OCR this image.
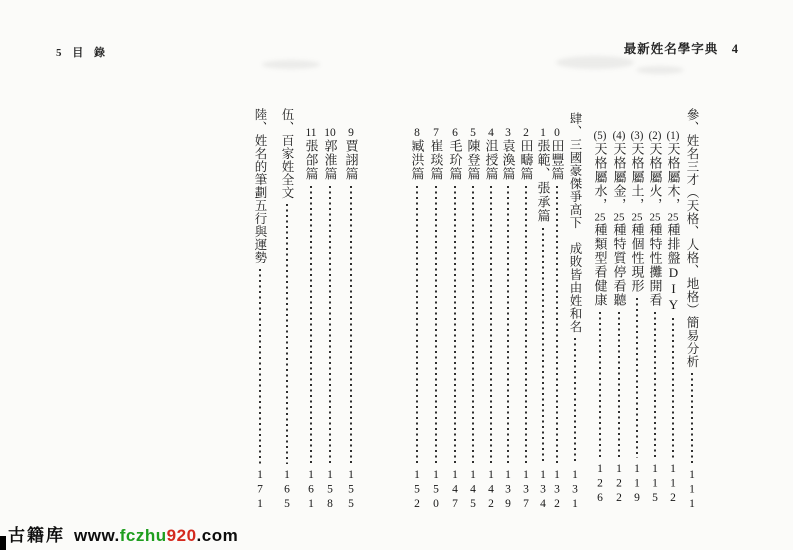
5 目 錄	最新姓名學字典　4
參、
姓名三才（天格、人格、地格）簡易分析
111
(1)
天格屬木，
25
種排盤
DIY
112
(2)
天格屬火，
25
種特性攤開看
115
(3)
天格屬土，
25
種個性現形
119
(4)
天格屬金，
25
種特質停看聽
122
(5)
天格屬水，
25
種類型看健康
126
肆、
三國豪傑爭高下　成敗皆由姓和名
131
0
田豐篇
132
1
張範、張承篇
134
2
田疇篇
137
3
袁渙篇
139
4
沮授篇
142
5
陳登篇
145
6
毛玠篇
147
7
崔琰篇
150
8
臧洪篇
152
9
賈詡篇
155
10
郭淮篇
158
11
張郃篇
161
伍、
百家姓全文
165
陸、
姓名的筆劃五行與運勢
171
古籍库 www.fczhu920.com
